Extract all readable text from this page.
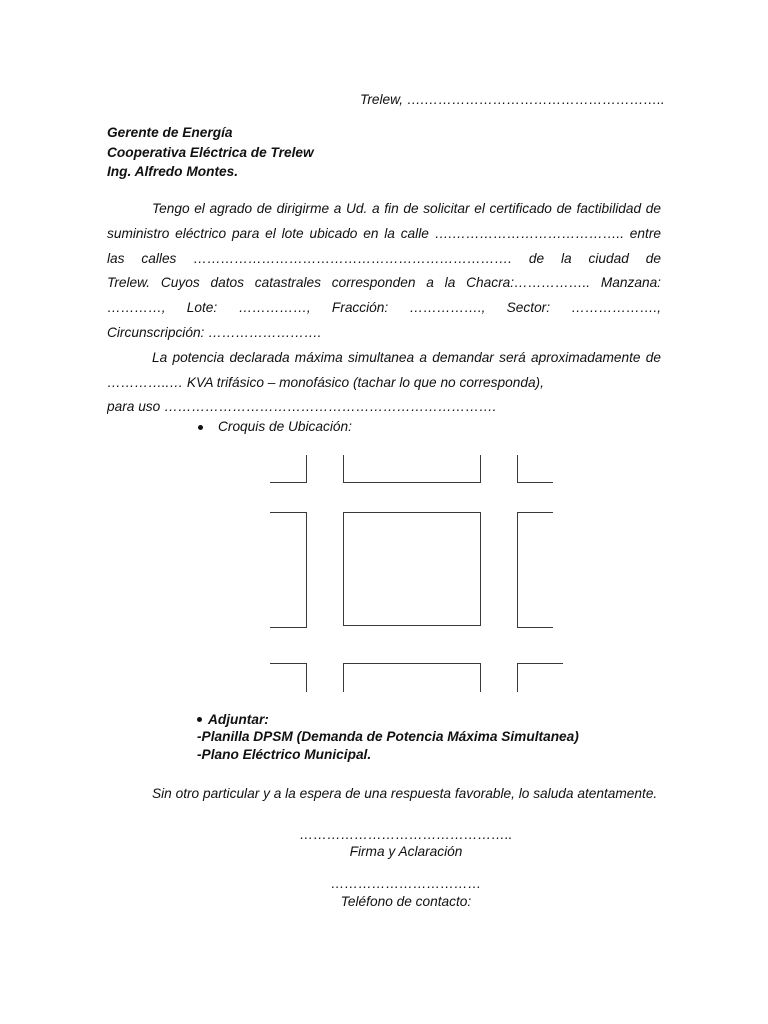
Trelew, ….……………………………………………..
Gerente de Energía
Cooperativa Eléctrica de Trelew
Ing. Alfredo Montes.
Tengo el agrado de dirigirme a Ud. a fin de solicitar el certificado de factibilidad de
suministro eléctrico para el lote ubicado en la calle ….……………………………….. entre
las calles ……………………………………………………………. de la ciudad de
Trelew. Cuyos datos catastrales corresponden a la Chacra:…………….. Manzana:
…………, Lote: ……………, Fracción: ……………., Sector: ……………….,
Circunscripción: …………………….
La potencia declarada máxima simultanea a demandar será aproximadamente de
…………..… KVA trifásico – monofásico (tachar lo que no corresponda),
para uso ……………………………………………………………….
Croquis de Ubicación:
Adjuntar:
-Planilla DPSM (Demanda de Potencia Máxima Simultanea)
-Plano Eléctrico Municipal.
Sin otro particular y a la espera de una respuesta favorable, lo saluda atentamente.
………………………………………..
Firma y Aclaración
……………………………
Teléfono de contacto:
